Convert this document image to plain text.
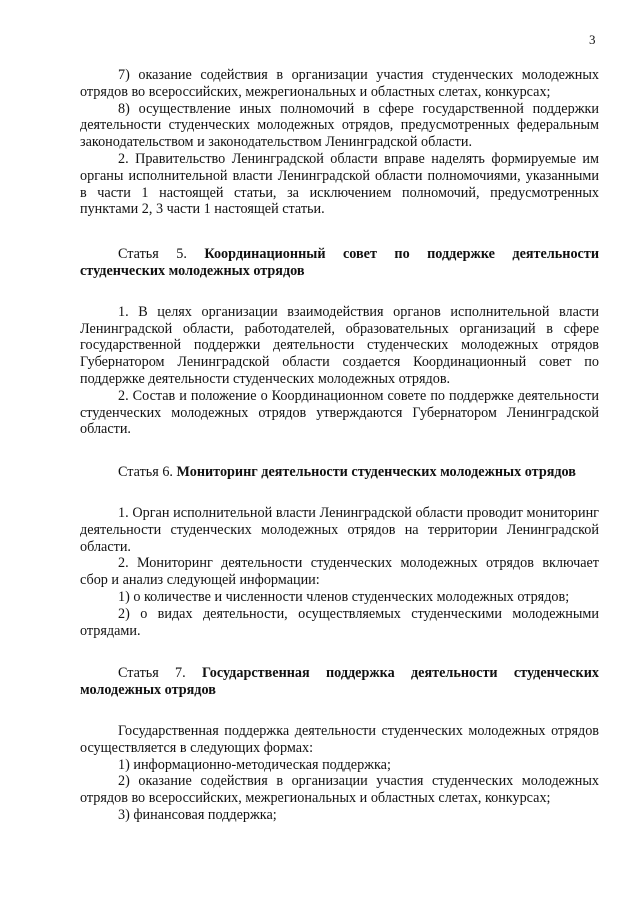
3

7) оказание содействия в организации участия студенческих молодежных отрядов во всероссийских, межрегиональных и областных слетах, конкурсах;

8) осуществление иных полномочий в сфере государственной поддержки деятельности студенческих молодежных отрядов, предусмотренных федеральным законодательством и законодательством Ленинградской области.

2. Правительство Ленинградской области вправе наделять формируемые им органы исполнительной власти Ленинградской области полномочиями, указанными в части 1 настоящей статьи, за исключением полномочий, предусмотренных пунктами 2, 3 части 1 настоящей статьи.

Статья 5. Координационный совет по поддержке деятельности студенческих молодежных отрядов

1. В целях организации взаимодействия органов исполнительной власти Ленинградской области, работодателей, образовательных организаций в сфере государственной поддержки деятельности студенческих молодежных отрядов Губернатором Ленинградской области создается Координационный совет по поддержке деятельности студенческих молодежных отрядов.

2. Состав и положение о Координационном совете по поддержке деятельности студенческих молодежных отрядов утверждаются Губернатором Ленинградской области.

Статья 6. Мониторинг деятельности студенческих молодежных отрядов

1. Орган исполнительной власти Ленинградской области проводит мониторинг деятельности студенческих молодежных отрядов на территории Ленинградской области.

2. Мониторинг деятельности студенческих молодежных отрядов включает сбор и анализ следующей информации:

1) о количестве и численности членов студенческих молодежных отрядов;

2) о видах деятельности, осуществляемых студенческими молодежными отрядами.

Статья 7. Государственная поддержка деятельности студенческих молодежных отрядов

Государственная поддержка деятельности студенческих молодежных отрядов осуществляется в следующих формах:

1) информационно-методическая поддержка;

2) оказание содействия в организации участия студенческих молодежных отрядов во всероссийских, межрегиональных и областных слетах, конкурсах;

3) финансовая поддержка;
